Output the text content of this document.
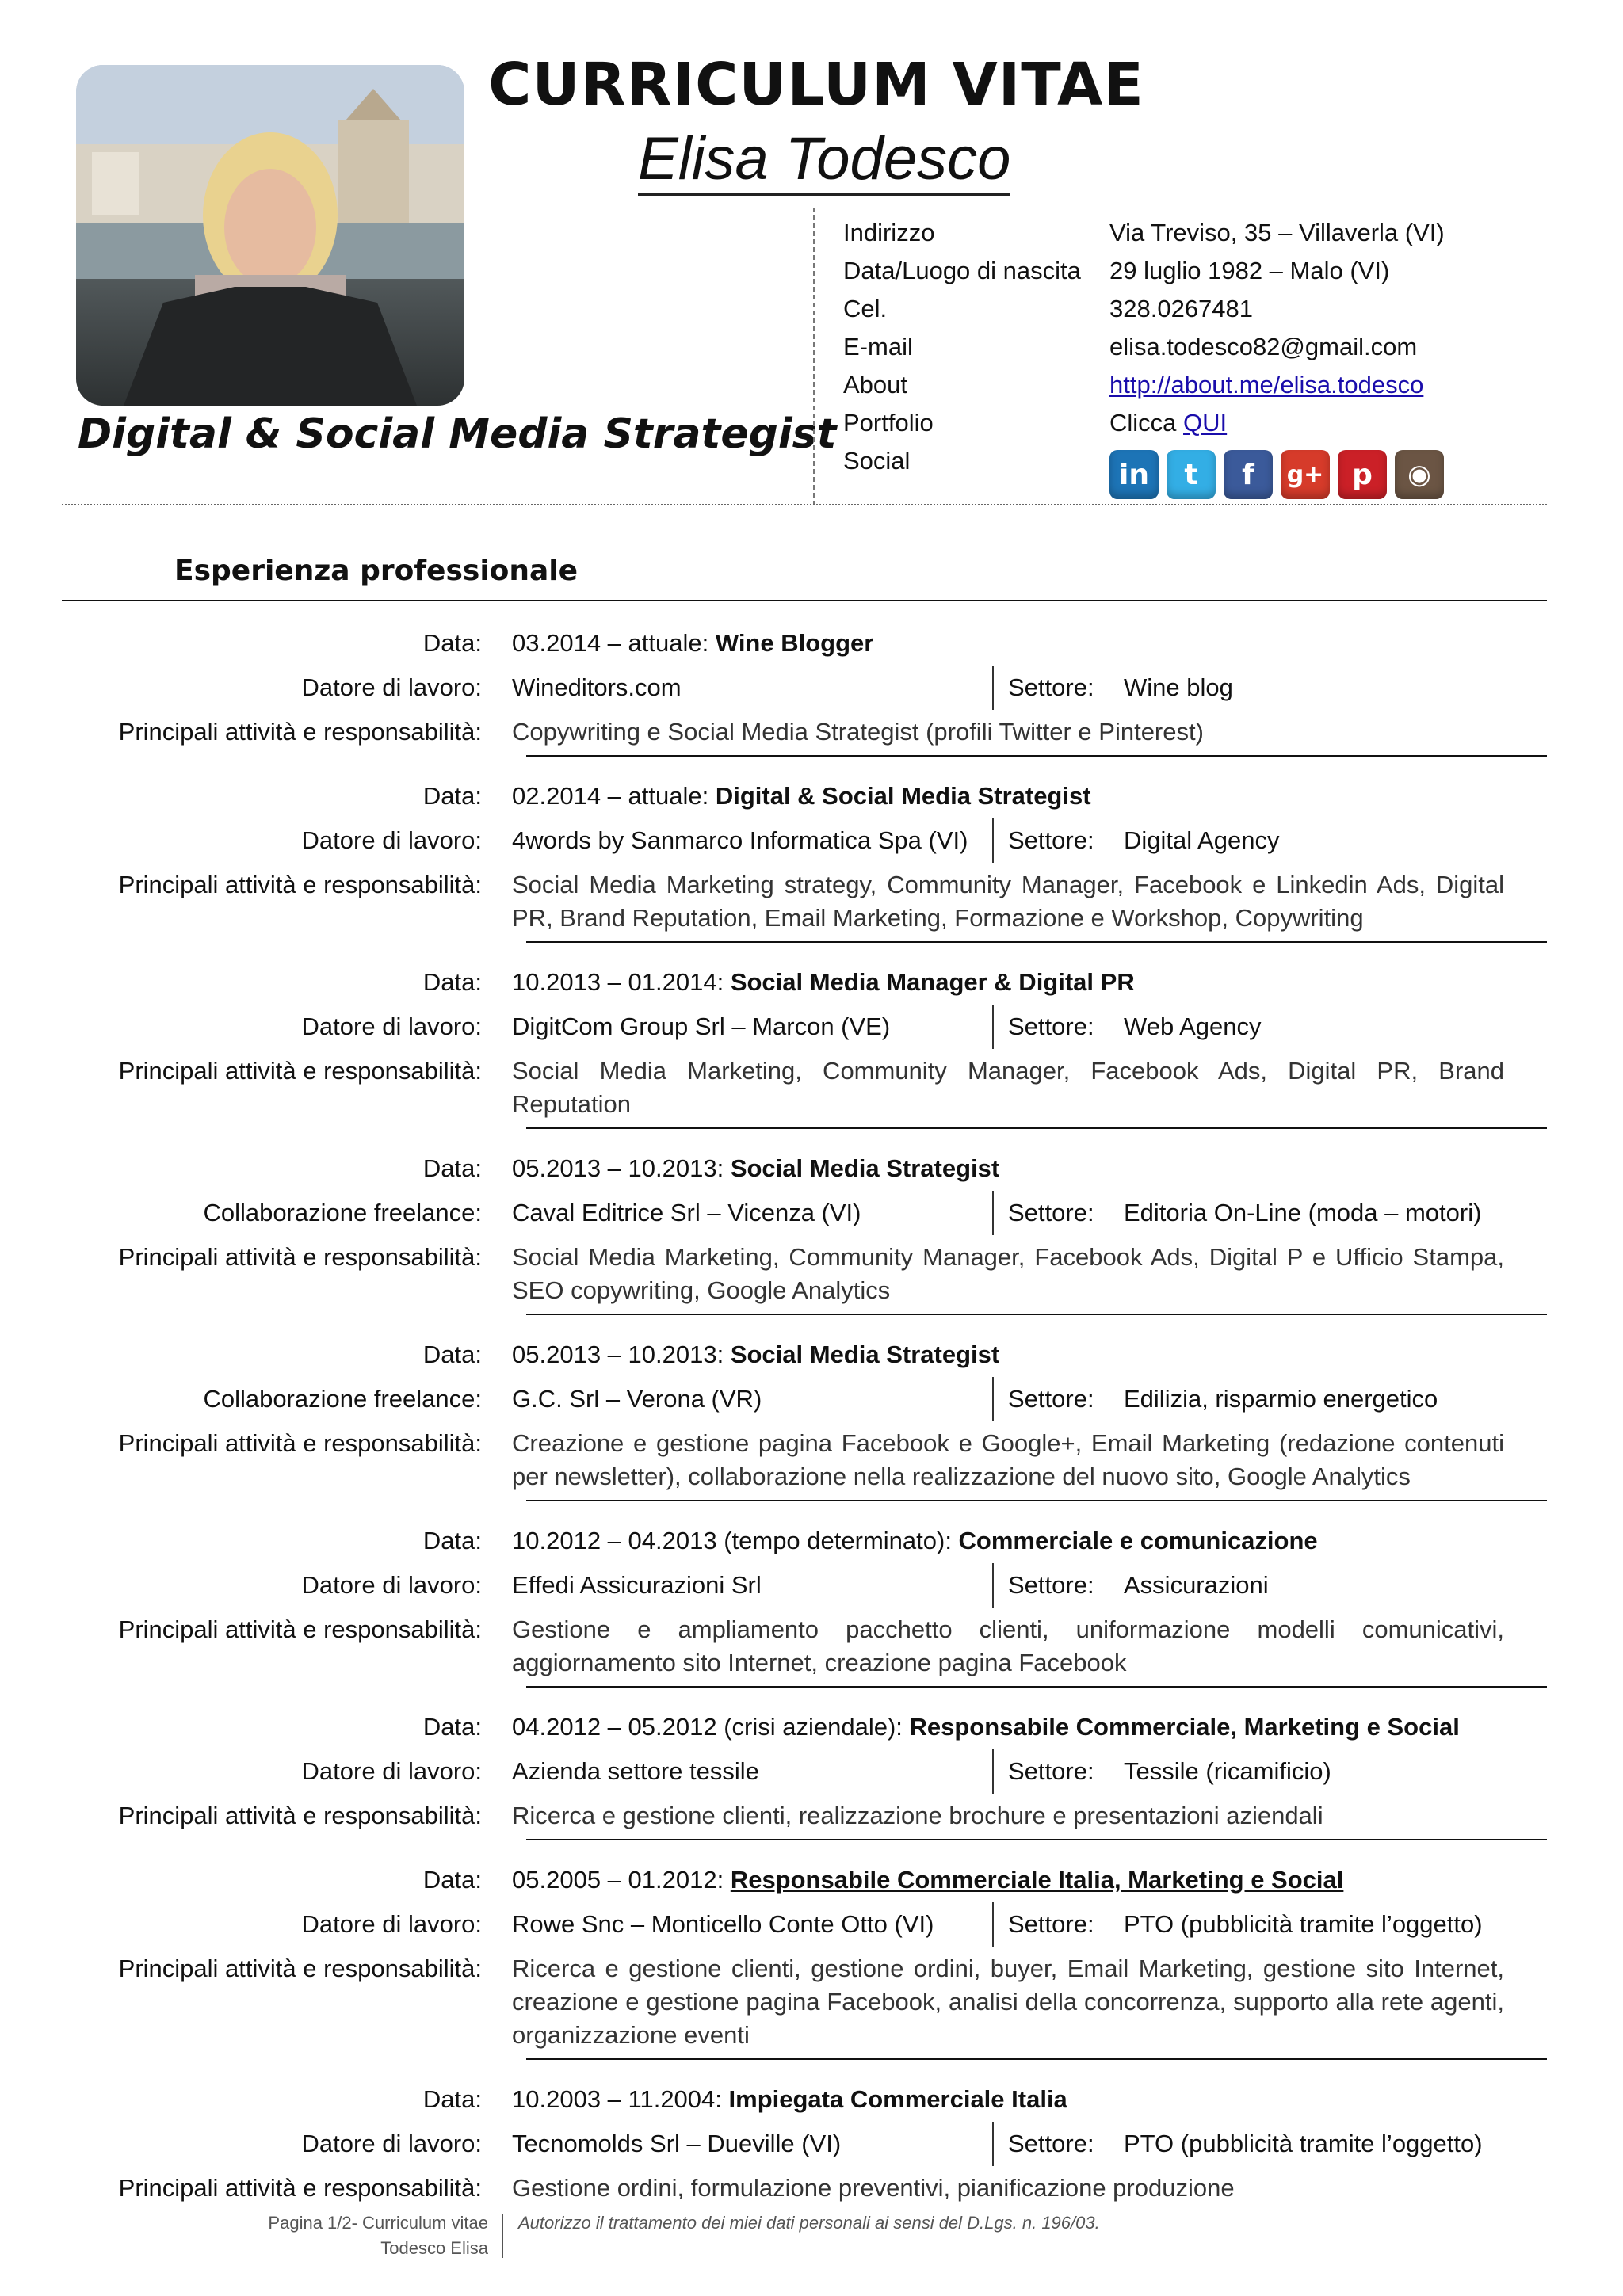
CURRICULUM VITAE
Elisa Todesco
Digital & Social Media Strategist
Indirizzo	Via Treviso, 35 – Villaverla (VI)
Data/Luogo di nascita	29 luglio 1982 – Malo (VI)
Cel.	328.0267481
E-mail	elisa.todesco82@gmail.com
About	http://about.me/elisa.todesco
Portfolio	Clicca QUI
Social	in	t	f	g+ p	◉
Esperienza professionale
Data:	03.2014 – attuale: Wine Blogger
Datore di lavoro:	Wineditors.com	Settore:	Wine blog
Principali attività e responsabilità:	Copywriting e Social Media Strategist (profili Twitter e Pinterest)
Data:	02.2014 – attuale: Digital & Social Media Strategist
Datore di lavoro:	4words by Sanmarco Informatica Spa (VI)	Settore:	Digital Agency
Principali attività e responsabilità:	Social Media Marketing strategy, Community Manager, Facebook e Linkedin Ads, Digital PR, Brand Reputation, Email Marketing, Formazione e Workshop, Copywriting
Data:	10.2013 – 01.2014: Social Media Manager & Digital PR
Datore di lavoro:	DigitCom Group Srl – Marcon (VE)	Settore:	Web Agency
Principali attività e responsabilità:	Social Media Marketing, Community Manager, Facebook Ads, Digital PR, Brand Reputation
Data:	05.2013 – 10.2013: Social Media Strategist
Collaborazione freelance:	Caval Editrice Srl – Vicenza (VI)	Settore:	Editoria On-Line (moda – motori)
Principali attività e responsabilità:	Social Media Marketing, Community Manager, Facebook Ads, Digital P e Ufficio Stampa, SEO copywriting, Google Analytics
Data:	05.2013 – 10.2013: Social Media Strategist
Collaborazione freelance:	G.C. Srl – Verona (VR)	Settore:	Edilizia, risparmio energetico
Principali attività e responsabilità:	Creazione e gestione pagina Facebook e Google+, Email Marketing (redazione contenuti per newsletter), collaborazione nella realizzazione del nuovo sito, Google Analytics
Data:	10.2012 – 04.2013 (tempo determinato): Commerciale e comunicazione
Datore di lavoro:	Effedi Assicurazioni Srl	Settore:	Assicurazioni
Principali attività e responsabilità:	Gestione e ampliamento pacchetto clienti, uniformazione modelli comunicativi, aggiornamento sito Internet, creazione pagina Facebook
Data:	04.2012 – 05.2012 (crisi aziendale): Responsabile Commerciale, Marketing e Social
Datore di lavoro:	Azienda settore tessile	Settore:	Tessile (ricamificio)
Principali attività e responsabilità:	Ricerca e gestione clienti, realizzazione brochure e presentazioni aziendali
Data:	05.2005 – 01.2012: Responsabile Commerciale Italia, Marketing e Social
Datore di lavoro:	Rowe Snc – Monticello Conte Otto (VI)	Settore:	PTO (pubblicità tramite l’oggetto)
Principali attività e responsabilità:	Ricerca e gestione clienti, gestione ordini, buyer, Email Marketing, gestione sito Internet, creazione e gestione pagina Facebook, analisi della concorrenza, supporto alla rete agenti, organizzazione eventi
Data:	10.2003 – 11.2004: Impiegata Commerciale Italia
Datore di lavoro:	Tecnomolds Srl – Dueville (VI)	Settore:	PTO (pubblicità tramite l’oggetto)
Principali attività e responsabilità:	Gestione ordini, formulazione preventivi, pianificazione produzione
Pagina 1/2- Curriculum vitae
Todesco Elisa
Autorizzo il trattamento dei miei dati personali ai sensi del D.Lgs. n. 196/03.
